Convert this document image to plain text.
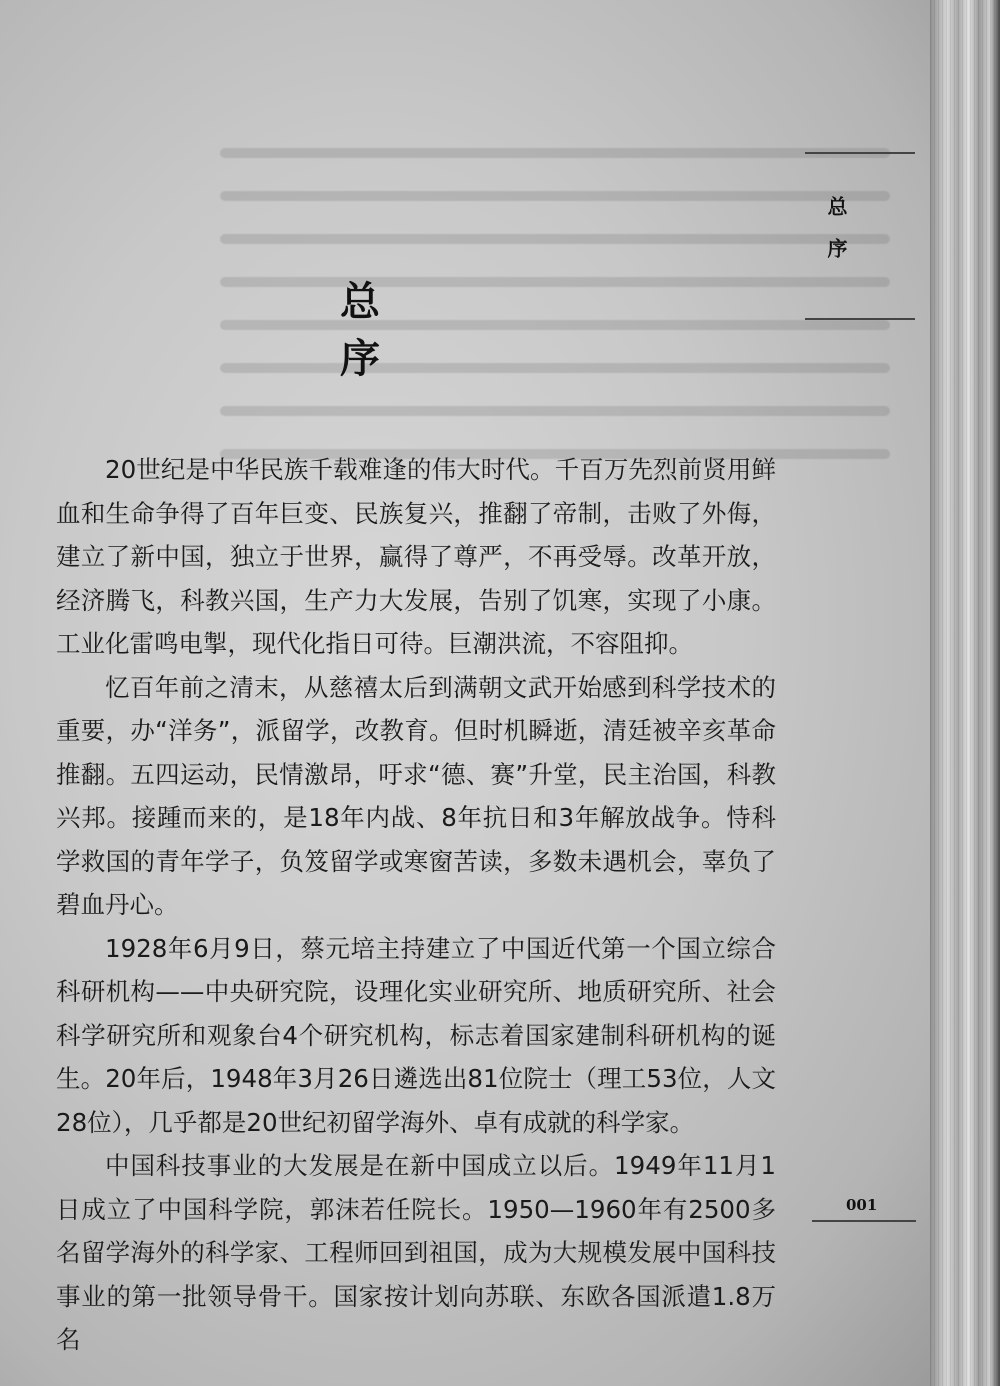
总　序

20世纪是中华民族千载难逢的伟大时代。千百万先烈前贤用鲜血和生命争得了百年巨变、民族复兴，推翻了帝制，击败了外侮，建立了新中国，独立于世界，赢得了尊严，不再受辱。改革开放，经济腾飞，科教兴国，生产力大发展，告别了饥寒，实现了小康。工业化雷鸣电掣，现代化指日可待。巨潮洪流，不容阻抑。

忆百年前之清末，从慈禧太后到满朝文武开始感到科学技术的重要，办“洋务”，派留学，改教育。但时机瞬逝，清廷被辛亥革命推翻。五四运动，民情激昂，吁求“德、赛”升堂，民主治国，科教兴邦。接踵而来的，是18年内战、8年抗日和3年解放战争。恃科学救国的青年学子，负笈留学或寒窗苦读，多数未遇机会，辜负了碧血丹心。

1928年6月9日，蔡元培主持建立了中国近代第一个国立综合科研机构——中央研究院，设理化实业研究所、地质研究所、社会科学研究所和观象台4个研究机构，标志着国家建制科研机构的诞生。20年后，1948年3月26日遴选出81位院士（理工53位，人文28位），几乎都是20世纪初留学海外、卓有成就的科学家。

中国科技事业的大发展是在新中国成立以后。1949年11月1日成立了中国科学院，郭沫若任院长。1950—1960年有2500多名留学海外的科学家、工程师回到祖国，成为大规模发展中国科技事业的第一批领导骨干。国家按计划向苏联、东欧各国派遣1.8万名

总序
001
